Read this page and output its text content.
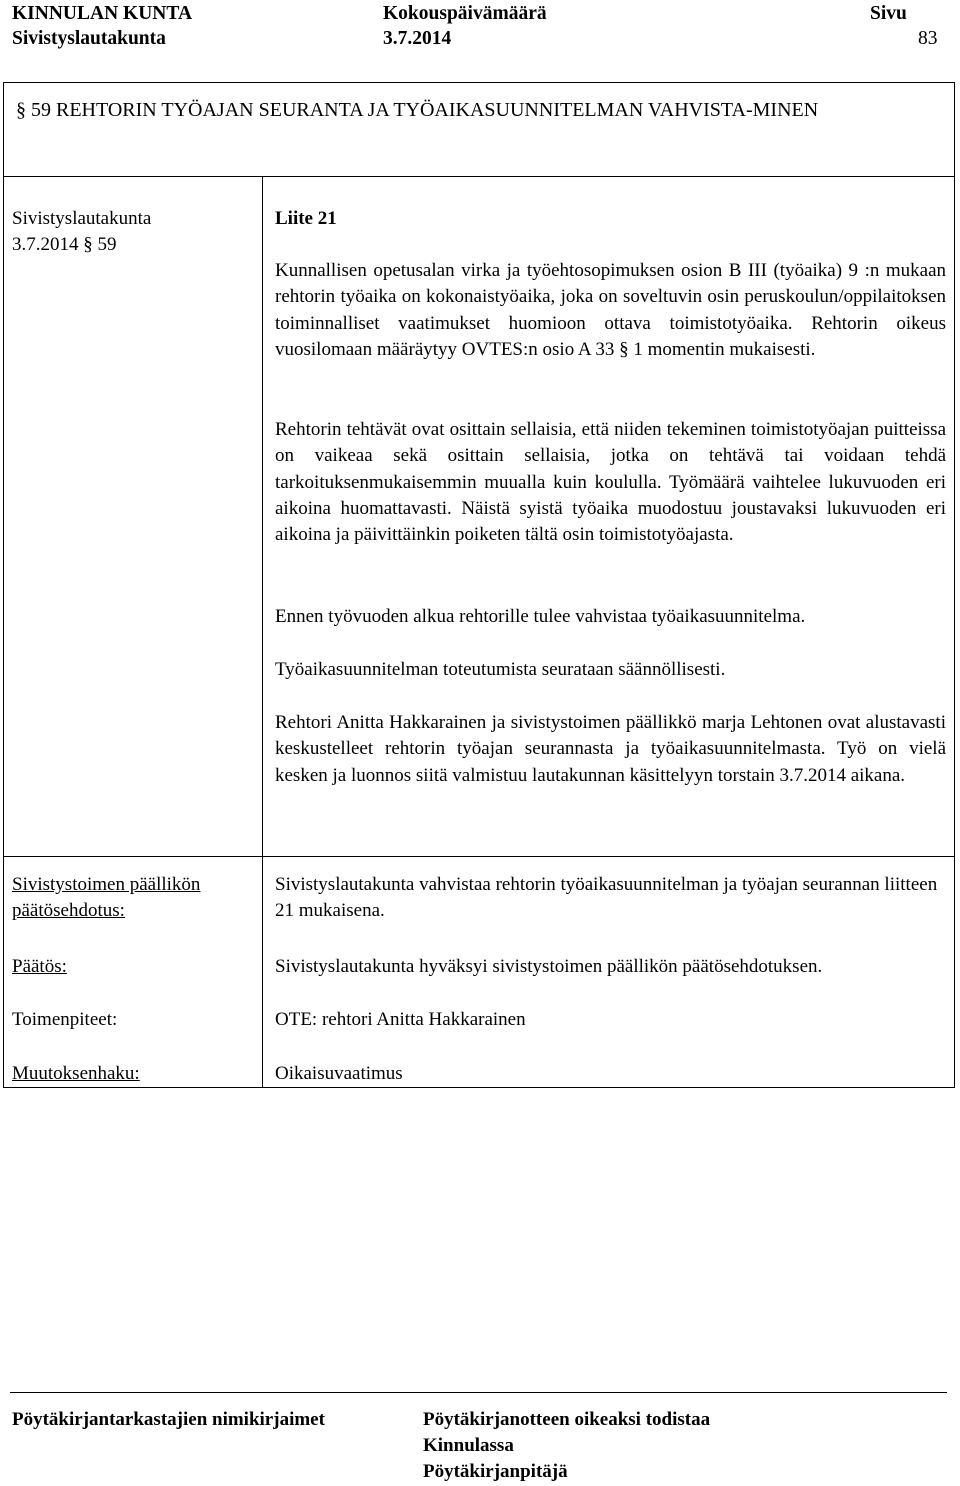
KINNULAN KUNTA
Sivistyslautakunta
Kokouspäivämäärä
3.7.2014
Sivu
83
§ 59 REHTORIN TYÖAJAN SEURANTA JA TYÖAIKASUUNNITELMAN VAHVISTA-MINEN
Sivistyslautakunta
3.7.2014 § 59
Liite 21
Kunnallisen opetusalan virka ja työehtosopimuksen osion B III (työaika) 9 :n mukaan rehtorin työaika on kokonaistyöaika, joka on soveltuvin osin peruskoulun/oppilaitoksen toiminnalliset vaatimukset huomioon ottava toimistotyöaika. Rehtorin oikeus vuosilomaan määräytyy OVTES:n osio A 33 § 1 momentin mukaisesti.
Rehtorin tehtävät ovat osittain sellaisia, että niiden tekeminen toimistotyöajan puitteissa on vaikeaa sekä osittain sellaisia, jotka on tehtävä tai voidaan tehdä tarkoituksenmukaisemmin muualla kuin koululla. Työmäärä vaihtelee lukuvuoden eri aikoina huomattavasti. Näistä syistä työaika muodostuu joustavaksi lukuvuoden eri aikoina ja päivittäinkin poiketen tältä osin toimistotyöajasta.
Ennen työvuoden alkua rehtorille tulee vahvistaa työaikasuunnitelma.
Työaikasuunnitelman toteutumista seurataan säännöllisesti.
Rehtori Anitta Hakkarainen ja sivistystoimen päällikkö marja Lehtonen ovat alustavasti keskustelleet rehtorin työajan seurannasta ja työaikasuunnitelmasta. Työ on vielä kesken ja luonnos siitä valmistuu lautakunnan käsittelyyn torstain 3.7.2014 aikana.
Sivistystoimen päällikön
päätösehdotus:
Sivistyslautakunta vahvistaa rehtorin työaikasuunnitelman ja työajan seurannan liitteen 21 mukaisena.
Päätös:	Sivistyslautakunta hyväksyi sivistystoimen päällikön päätösehdotuksen.
Toimenpiteet:	OTE: rehtori Anitta Hakkarainen
Muutoksenhaku:	Oikaisuvaatimus
Pöytäkirjantarkastajien nimikirjaimet	Pöytäkirjanotteen oikeaksi todistaa
Kinnulassa
Pöytäkirjanpitäjä
